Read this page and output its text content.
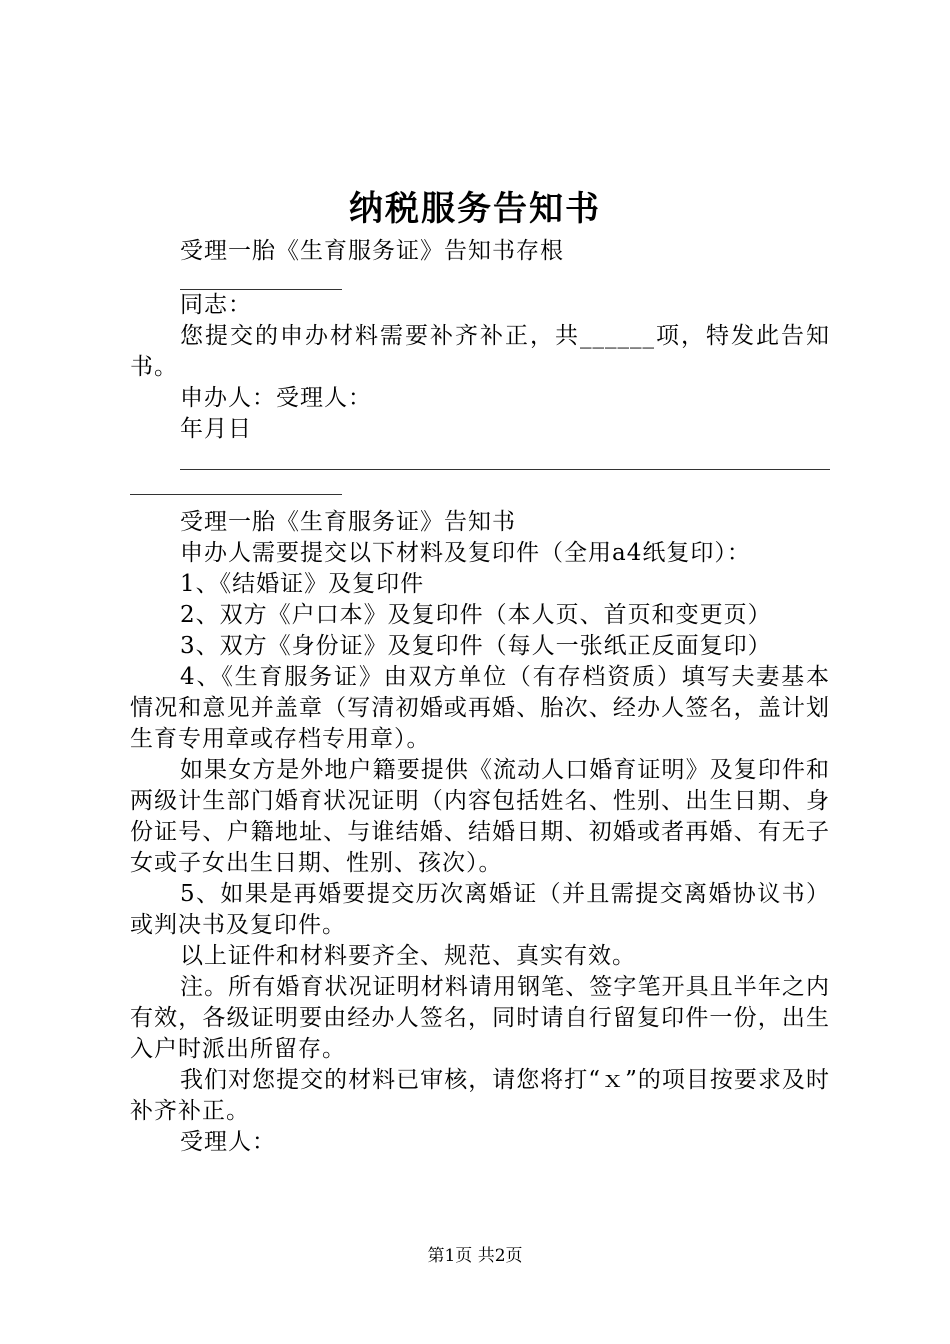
纳税服务告知书

受理一胎《生育服务证》告知书存根

同志：

您提交的申办材料需要补齐补正，共______项，特发此告知书。

申办人：受理人：

年月日

受理一胎《生育服务证》告知书

申办人需要提交以下材料及复印件（全用a4纸复印）：

1、《结婚证》及复印件

2、双方《户口本》及复印件（本人页、首页和变更页）

3、双方《身份证》及复印件（每人一张纸正反面复印）

4、《生育服务证》由双方单位（有存档资质）填写夫妻基本情况和意见并盖章（写清初婚或再婚、胎次、经办人签名，盖计划生育专用章或存档专用章）。

如果女方是外地户籍要提供《流动人口婚育证明》及复印件和两级计生部门婚育状况证明（内容包括姓名、性别、出生日期、身份证号、户籍地址、与谁结婚、结婚日期、初婚或者再婚、有无子女或子女出生日期、性别、孩次）。

5、如果是再婚要提交历次离婚证（并且需提交离婚协议书）或判决书及复印件。

以上证件和材料要齐全、规范、真实有效。

注。所有婚育状况证明材料请用钢笔、签字笔开具且半年之内有效，各级证明要由经办人签名，同时请自行留复印件一份，出生入户时派出所留存。

我们对您提交的材料已审核，请您将打“ｘ”的项目按要求及时补齐补正。

受理人：

第1页 共2页
